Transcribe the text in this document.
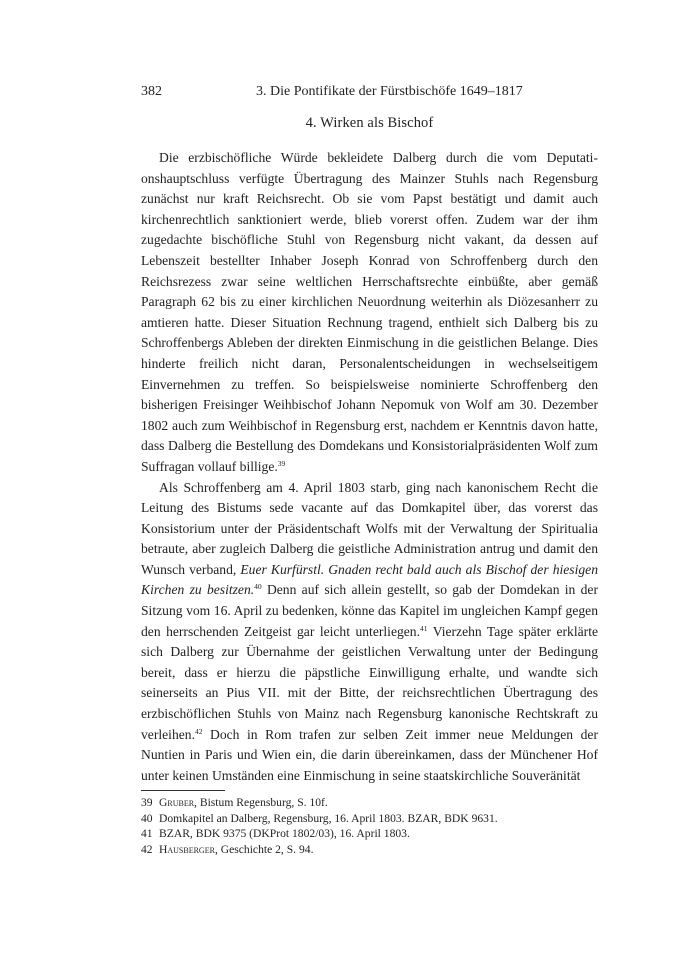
382	3. Die Pontifikate der Fürstbischöfe 1649–1817
4. Wirken als Bischof

Die erzbischöfliche Würde bekleidete Dalberg durch die vom Deputationshauptschluss verfügte Übertragung des Mainzer Stuhls nach Regensburg zunächst nur kraft Reichsrecht. Ob sie vom Papst bestätigt und damit auch kirchenrechtlich sanktioniert werde, blieb vorerst offen. Zudem war der ihm zugedachte bischöfliche Stuhl von Regensburg nicht vakant, da dessen auf Lebenszeit bestellter Inhaber Joseph Konrad von Schroffenberg durch den Reichsrezess zwar seine weltlichen Herrschaftsrechte einbüßte, aber gemäß Paragraph 62 bis zu einer kirchlichen Neuordnung weiterhin als Diözesanherr zu amtieren hatte. Dieser Situation Rechnung tragend, enthielt sich Dalberg bis zu Schroffenbergs Ableben der direkten Einmischung in die geistlichen Belange. Dies hinderte freilich nicht daran, Personalentscheidungen in wechselseitigem Einvernehmen zu treffen. So beispielsweise nominierte Schroffenberg den bisherigen Freisinger Weihbischof Johann Nepomuk von Wolf am 30. Dezember 1802 auch zum Weihbischof in Regensburg erst, nachdem er Kenntnis davon hatte, dass Dalberg die Bestellung des Domdekans und Konsistorialpräsidenten Wolf zum Suffragan vollauf billige.$^{39}$

Als Schroffenberg am 4. April 1803 starb, ging nach kanonischem Recht die Leitung des Bistums sede vacante auf das Domkapitel über, das vorerst das Konsistorium unter der Präsidentschaft Wolfs mit der Verwaltung der Spiritualia betraute, aber zugleich Dalberg die geistliche Administration antrug und damit den Wunsch verband, Euer Kurfürstl. Gnaden recht bald auch als Bischof der hiesigen Kirchen zu besitzen.$^{40}$ Denn auf sich allein gestellt, so gab der Domdekan in der Sitzung vom 16. April zu bedenken, könne das Kapitel im ungleichen Kampf gegen den herrschenden Zeitgeist gar leicht unterliegen.$^{41}$ Vierzehn Tage später erklärte sich Dalberg zur Übernahme der geistlichen Verwaltung unter der Bedingung bereit, dass er hierzu die päpstliche Einwilligung erhalte, und wandte sich seinerseits an Pius VII. mit der Bitte, der reichsrechtlichen Übertragung des erzbischöflichen Stuhls von Mainz nach Regensburg kanonische Rechtskraft zu verleihen.$^{42}$ Doch in Rom trafen zur selben Zeit immer neue Meldungen der Nuntien in Paris und Wien ein, die darin übereinkamen, dass der Münchener Hof unter keinen Umständen eine Einmischung in seine staatskirchliche Souveränität

39 Gruber, Bistum Regensburg, S. 10f.
40 Domkapitel an Dalberg, Regensburg, 16. April 1803. BZAR, BDK 9631.
41 BZAR, BDK 9375 (DKProt 1802/03), 16. April 1803.
42 Hausberger, Geschichte 2, S. 94.
